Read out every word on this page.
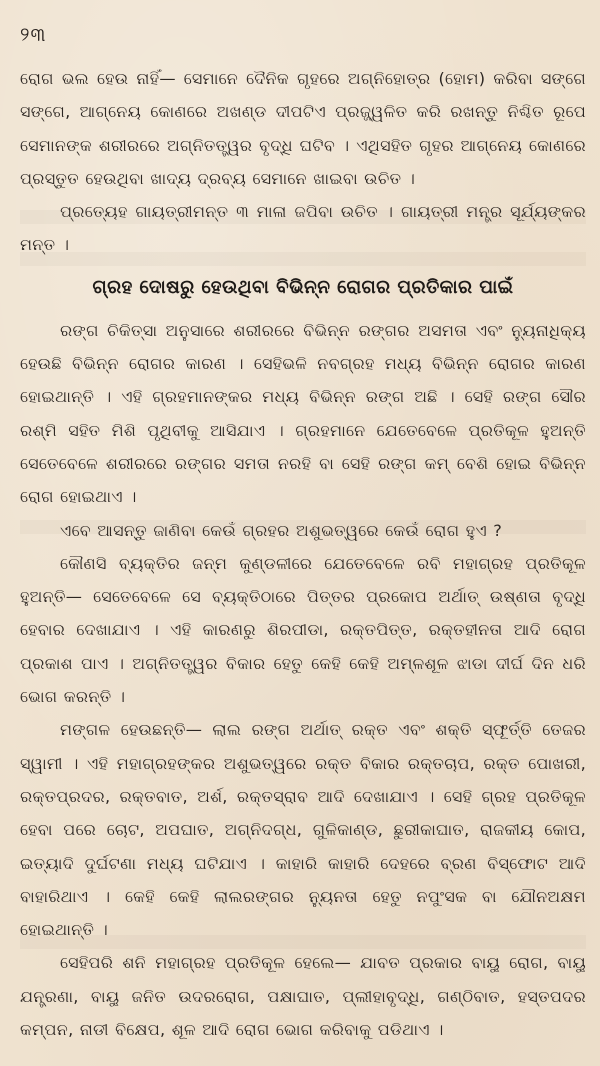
୨୩

ରୋଗ ଭଲ ହେଉ ନାହିଁ— ସେମାନେ ଦୈନିକ ଗୃହରେ ଅଗ୍ନିହୋତ୍ର (ହୋମ) କରିବା ସଙ୍ଗେ ସଙ୍ଗେ, ଆଗ୍ନେୟ କୋଣରେ ଅଖଣ୍ଡ ଦୀପଟିଏ ପ୍ରଜ୍ଜ୍ୱଳିତ କରି ରଖନ୍ତୁ ନିଶ୍ଚିତ ରୂପେ ସେମାନଙ୍କ ଶରୀରରେ ଅଗ୍ନିତତ୍ତ୍ୱର ବୃଦ୍ଧି ଘଟିବ । ଏଥିସହିତ ଗୃହର ଆଗ୍ନେୟ କୋଣରେ ପ୍ରସ୍ତୁତ ହେଉଥିବା ଖାଦ୍ୟ ଦ୍ରବ୍ୟ ସେମାନେ ଖାଇବା ଉଚିତ ।

ପ୍ରତ୍ୟେହ ଗାୟତ୍ରୀମନ୍ତ ୩ ମାଳା ଜପିବା ଉଚିତ । ଗାୟତ୍ରୀ ମନ୍ତ୍ର ସୂର୍ଯ୍ୟଙ୍କର ମନ୍ତ ।

ଗ୍ରହ ଦୋଷରୁ ହେଉଥିବା ବିଭିନ୍ନ ରୋଗର ପ୍ରତିକାର ପାଇଁ

ରଙ୍ଗ ଚିକିତ୍ସା ଅନୁସାରେ ଶରୀରରେ ବିଭିନ୍ନ ରଙ୍ଗର ଅସମତା ଏବଂ ନ୍ୟୁନାଧିକ୍ୟ ହେଉଛି ବିଭିନ୍ନ ରୋଗର କାରଣ । ସେହିଭଳି ନବଗ୍ରହ ମଧ୍ୟ ବିଭିନ୍ନ ରୋଗର କାରଣ ହୋଇଥାନ୍ତି । ଏହି ଗ୍ରହମାନଙ୍କର ମଧ୍ୟ ବିଭିନ୍ନ ରଙ୍ଗ ଅଛି । ସେହି ରଙ୍ଗ ସୌର ରଶ୍ମି ସହିତ ମିଶି ପୃଥିବୀକୁ ଆସିଯାଏ । ଗ୍ରହମାନେ ଯେତେବେଳେ ପ୍ରତିକୂଳ ହୁଅନ୍ତି ସେତେବେଳେ ଶରୀରରେ ରଙ୍ଗର ସମତା ନରହି ବା ସେହି ରଙ୍ଗ କମ୍ ବେଶି ହୋଇ ବିଭିନ୍ନ ରୋଗ ହୋଇଥାଏ ।

ଏବେ ଆସନ୍ତୁ ଜାଣିବା କେଉଁ ଗ୍ରହର ଅଶୁଭତ୍ୱରେ କେଉଁ ରୋଗ ହୁଏ ?

କୌଣସି ବ୍ୟକ୍ତିର ଜନ୍ମ କୁଣ୍ଡଳୀରେ ଯେତେବେଳେ ରବି ମହାଗ୍ରହ ପ୍ରତିକୂଳ ହୁଅନ୍ତି— ସେତେବେଳେ ସେ ବ୍ୟକ୍ତିଠାରେ ପିତ୍ତର ପ୍ରକୋପ ଅର୍ଥାତ୍ ଉଷ୍ଣତା ବୃଦ୍ଧି ହେବାର ଦେଖାଯାଏ । ଏହି କାରଣରୁ ଶିରପୀଡା, ରକ୍ତପିତ୍ତ, ରକ୍ତହୀନତା ଆଦି ରୋଗ ପ୍ରକାଶ ପାଏ । ଅଗ୍ନିତତ୍ତ୍ୱର ବିକାର ହେତୁ କେହି କେହି ଅମ୍ଳଶୂଳ ଝାଡା ଦୀର୍ଘ ଦିନ ଧରି ଭୋଗ କରନ୍ତି ।

ମଙ୍ଗଳ ହେଉଛନ୍ତି— ଲାଲ ରଙ୍ଗ ଅର୍ଥାତ୍ ରକ୍ତ ଏବଂ ଶକ୍ତି ସ୍ଫୂର୍ତ୍ତି ତେଜର ସ୍ୱାମୀ । ଏହି ମହାଗ୍ରହଙ୍କର ଅଶୁଭତ୍ୱରେ ରକ୍ତ ବିକାର ରକ୍ତଚାପ, ରକ୍ତ ପୋଖରୀ, ରକ୍ତପ୍ରଦର, ରକ୍ତବାତ, ଅର୍ଶ, ରକ୍ତସ୍ରାବ ଆଦି ଦେଖାଯାଏ । ସେହି ଗ୍ରହ ପ୍ରତିକୂଳ ହେବା ପରେ ଚୋଟ, ଅପଘାତ, ଅଗ୍ନିଦଗ୍ଧ, ଗୁଳିକାଣ୍ଡ, ଛୁରୀକାଘାତ, ରାଜକୀୟ କୋପ, ଇତ୍ୟାଦି ଦୁର୍ଘଟଣା ମଧ୍ୟ ଘଟିଯାଏ । କାହାରି କାହାରି ଦେହରେ ବ୍ରଣ ବିସ୍ଫୋଟ ଆଦି ବାହାରିଥାଏ । କେହି କେହି ଲାଲରଙ୍ଗର ନ୍ୟୁନତା ହେତୁ ନପୁଂସକ ବା ଯୌନଅକ୍ଷମ ହୋଇଥାନ୍ତି ।

ସେହିପରି ଶନି ମହାଗ୍ରହ ପ୍ରତିକୂଳ ହେଲେ— ଯାବତ ପ୍ରକାର ବାୟୁ ରୋଗ, ବାୟୁ ଯନ୍ତ୍ରଣା, ବାୟୁ ଜନିତ ଉଦରରୋଗ, ପକ୍ଷାଘାତ, ପ୍ଲୀହାବୃଦ୍ଧି, ଗଣ୍ଠିବାତ, ହସ୍ତପଦର କମ୍ପନ, ନାଡୀ ବିକ୍ଷେପ, ଶୂଳ ଆଦି ରୋଗ ଭୋଗ କରିବାକୁ ପଡିଥାଏ ।
